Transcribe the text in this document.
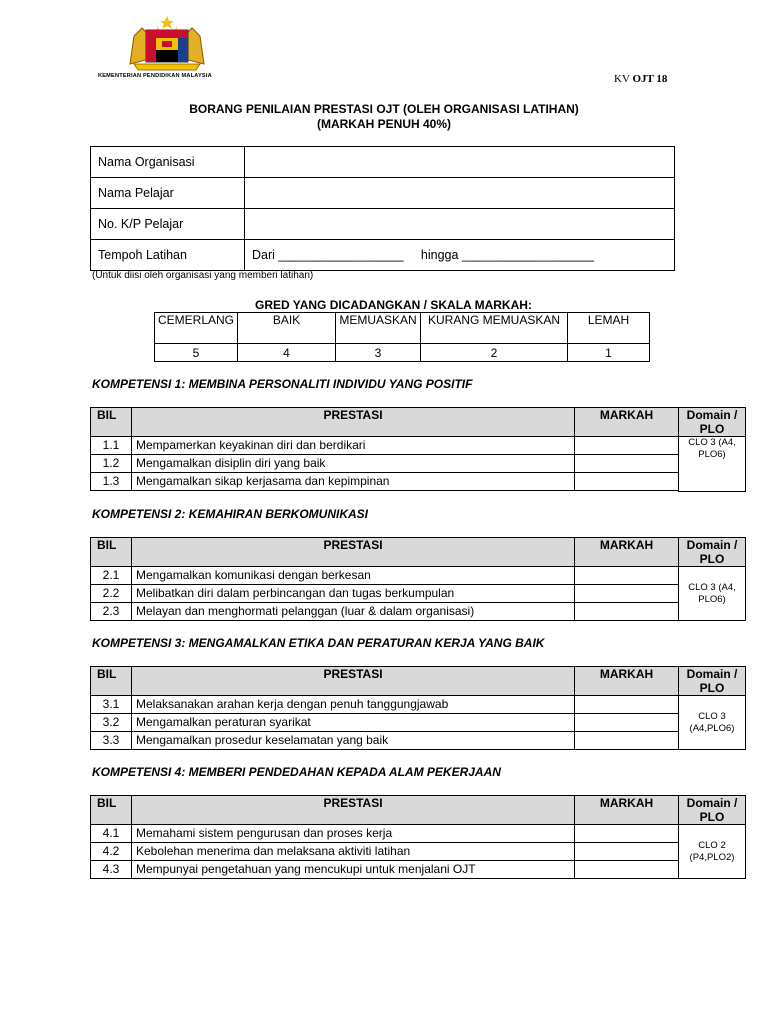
KEMENTERIAN PENDIDIKAN MALAYSIA	KV OJT 18
BORANG PENILAIAN PRESTASI OJT (OLEH ORGANISASI LATIHAN)
(MARKAH PENUH 40%)
Nama Organisasi	
Nama Pelajar	
No. K/P Pelajar	
Tempoh Latihan	Dari __________________     hingga ___________________
(Untuk diisi oleh organisasi yang memberi latihan)
GRED YANG DICADANGKAN / SKALA MARKAH:
CEMERLANG	BAIK	MEMUASKAN	KURANG MEMUASKAN	LEMAH
5	4	3	2	1
KOMPETENSI 1: MEMBINA PERSONALITI INDIVIDU YANG POSITIF
BIL	PRESTASI	MARKAH	Domain / PLO
1.1	Mempamerkan keyakinan diri dan berdikari		CLO 3 (A4, PLO6)
1.2	Mengamalkan disiplin diri yang baik		
1.3	Mengamalkan sikap kerjasama dan kepimpinan		

KOMPETENSI 2: KEMAHIRAN BERKOMUNIKASI
BIL	PRESTASI	MARKAH	Domain / PLO
2.1	Mengamalkan komunikasi dengan berkesan		CLO 3 (A4, PLO6)
2.2	Melibatkan diri dalam perbincangan dan tugas berkumpulan		
2.3	Melayan dan menghormati pelanggan (luar & dalam organisasi)		
KOMPETENSI 3: MENGAMALKAN ETIKA DAN PERATURAN KERJA YANG BAIK
BIL	PRESTASI	MARKAH	Domain / PLO
3.1	Melaksanakan arahan kerja dengan penuh tanggungjawab		CLO 3 (A4,PLO6)
3.2	Mengamalkan peraturan syarikat		
3.3	Mengamalkan prosedur keselamatan yang baik		
KOMPETENSI 4: MEMBERI PENDEDAHAN KEPADA ALAM PEKERJAAN
BIL	PRESTASI	MARKAH	Domain / PLO
4.1	Memahami sistem pengurusan dan proses kerja		CLO 2 (P4,PLO2)
4.2	Kebolehan menerima dan melaksana aktiviti latihan		
4.3	Mempunyai pengetahuan yang mencukupi untuk menjalani OJT		
